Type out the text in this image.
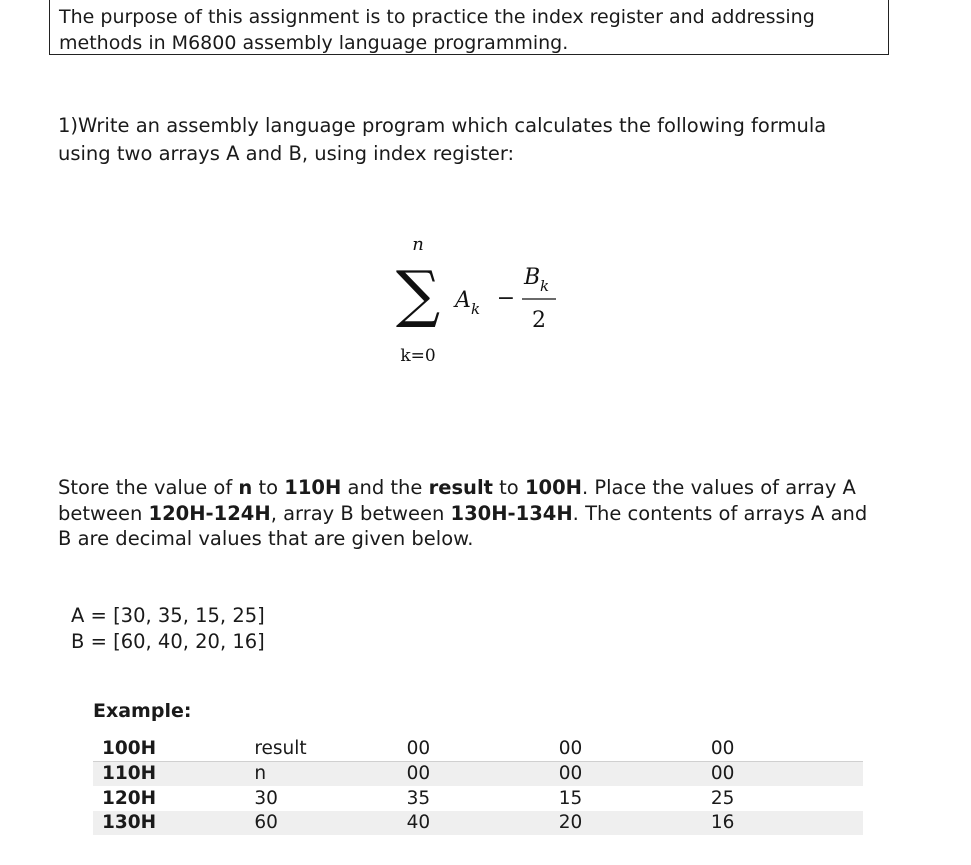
The purpose of this assignment is to practice the index register and addressing
methods in M6800 assembly language programming.
1)Write an assembly language program which calculates the following formula
using two arrays A and B, using index register:
n
∑
k=0
A k −
B k
2
Store the value of n to 110H and the result to 100H. Place the values of array A
between 120H-124H, array B between 130H-134H. The contents of arrays A and
B are decimal values that are given below.
A = [30, 35, 15, 25]
B = [60, 40, 20, 16]
Example:
100H	result	00	00	00
110H	n	00	00	00
120H	30	35	15	25
130H	60	40	20	16
